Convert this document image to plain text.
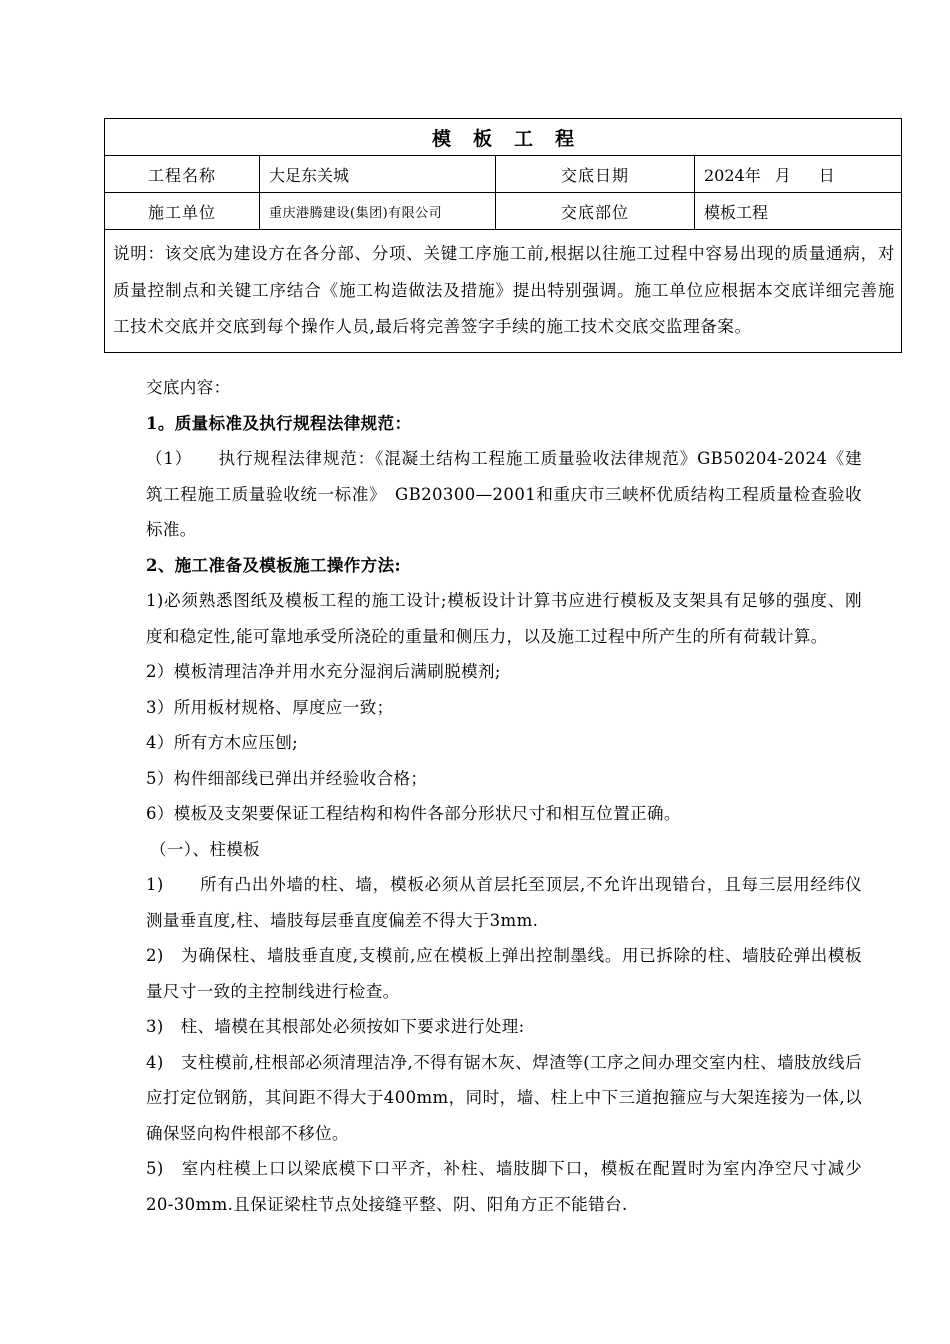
模板工程			
工程名称	大足东关城	交底日期	2024年 月 日
施工单位	重庆港腾建设(集团)有限公司	交底部位	模板工程
说明：该交底为建设方在各分部、分项、关键工序施工前,根据以往施工过程中容易出现的质量通病，对质量控制点和关键工序结合《施工构造做法及措施》提出特别强调。施工单位应根据本交底详细完善施工技术交底并交底到每个操作人员,最后将完善签字手续的施工技术交底交监理备案。			

交底内容：

1。质量标准及执行规程法律规范：

（1） 执行规程法律规范：《混凝土结构工程施工质量验收法律规范》GB50204-2024《建筑工程施工质量验收统一标准》　GB20300—2001和重庆市三峡杯优质结构工程质量检查验收标准。

2、施工准备及模板施工操作方法:

1)必须熟悉图纸及模板工程的施工设计;模板设计计算书应进行模板及支架具有足够的强度、刚度和稳定性,能可靠地承受所浇砼的重量和侧压力，以及施工过程中所产生的所有荷载计算。

2）模板清理洁净并用水充分湿润后满刷脱模剂;

3）所用板材规格、厚度应一致；

4）所有方木应压刨;

5）构件细部线已弹出并经验收合格；

6）模板及支架要保证工程结构和构件各部分形状尺寸和相互位置正确。

（一）、柱模板

1) 所有凸出外墙的柱、墙，模板必须从首层托至顶层,不允许出现错台，且每三层用经纬仪测量垂直度,柱、墙肢每层垂直度偏差不得大于3mm.

2)　为确保柱、墙肢垂直度,支模前,应在模板上弹出控制墨线。用已拆除的柱、墙肢砼弹出模板量尺寸一致的主控制线进行检查。

3)　柱、墙模在其根部处必须按如下要求进行处理:

4)　支柱模前,柱根部必须清理洁净,不得有锯木灰、焊渣等(工序之间办理交室内柱、墙肢放线后应打定位钢筋，其间距不得大于400mm，同时，墙、柱上中下三道抱箍应与大架连接为一体,以确保竖向构件根部不移位。

5)　室内柱模上口以梁底模下口平齐，补柱、墙肢脚下口，模板在配置时为室内净空尺寸减少20-30mm.且保证梁柱节点处接缝平整、阴、阳角方正不能错台.
